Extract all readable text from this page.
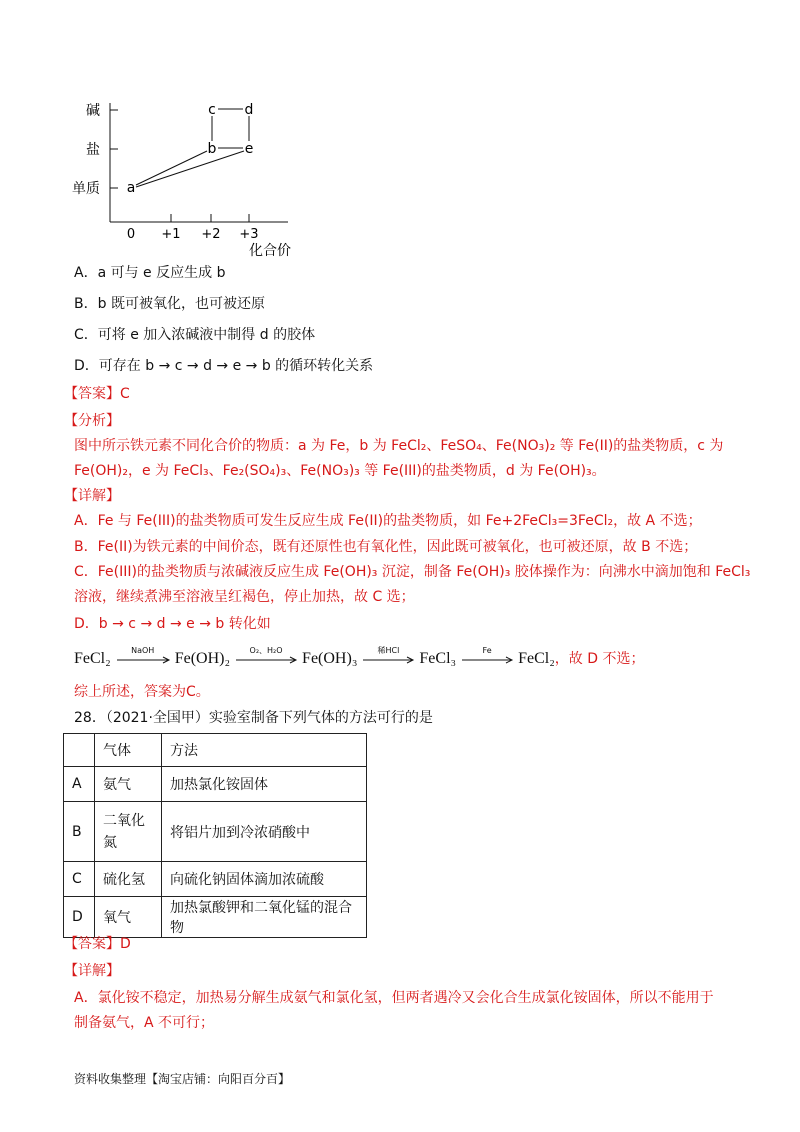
碱
盐
单质
0 +1 +2 +3
化合价
a
b e
c d
A．a 可与 e 反应生成 b
B．b 既可被氧化，也可被还原
C．可将 e 加入浓碱液中制得 d 的胶体
D．可存在 b → c → d → e → b 的循环转化关系
【答案】C
【分析】
图中所示铁元素不同化合价的物质：a 为 Fe，b 为 FeCl₂、FeSO₄、Fe(NO₃)₂ 等 Fe(II)的盐类物质，c 为
Fe(OH)₂，e 为 FeCl₃、Fe₂(SO₄)₃、Fe(NO₃)₃ 等 Fe(III)的盐类物质，d 为 Fe(OH)₃。
【详解】
A．Fe 与 Fe(III)的盐类物质可发生反应生成 Fe(II)的盐类物质，如 Fe+2FeCl₃=3FeCl₂，故 A 不选；
B．Fe(II)为铁元素的中间价态，既有还原性也有氧化性，因此既可被氧化，也可被还原，故 B 不选；
C．Fe(III)的盐类物质与浓碱液反应生成 Fe(OH)₃ 沉淀，制备 Fe(OH)₃ 胶体操作为：向沸水中滴加饱和 FeCl₃
溶液，继续煮沸至溶液呈红褐色，停止加热，故 C 选；
D．b → c → d → e → b 转化如
FeCl₂	NaOH	Fe(OH)₂	O₂、H₂O	Fe(OH)₃	稀HCl	FeCl₃	Fe	FeCl₂，故 D 不选；
综上所述，答案为C。
28．（2021·全国甲）实验室制备下列气体的方法可行的是
	气体	方法
A	氨气	加热氯化铵固体
B	二氧化
氮	将铝片加到冷浓硝酸中
C	硫化氢	向硫化钠固体滴加浓硫酸
D	氧气	加热氯酸钾和二氧化锰的混合物
【答案】D
【详解】
A．氯化铵不稳定，加热易分解生成氨气和氯化氢，但两者遇冷又会化合生成氯化铵固体，所以不能用于
制备氨气，A 不可行；
资料收集整理【淘宝店铺：向阳百分百】
